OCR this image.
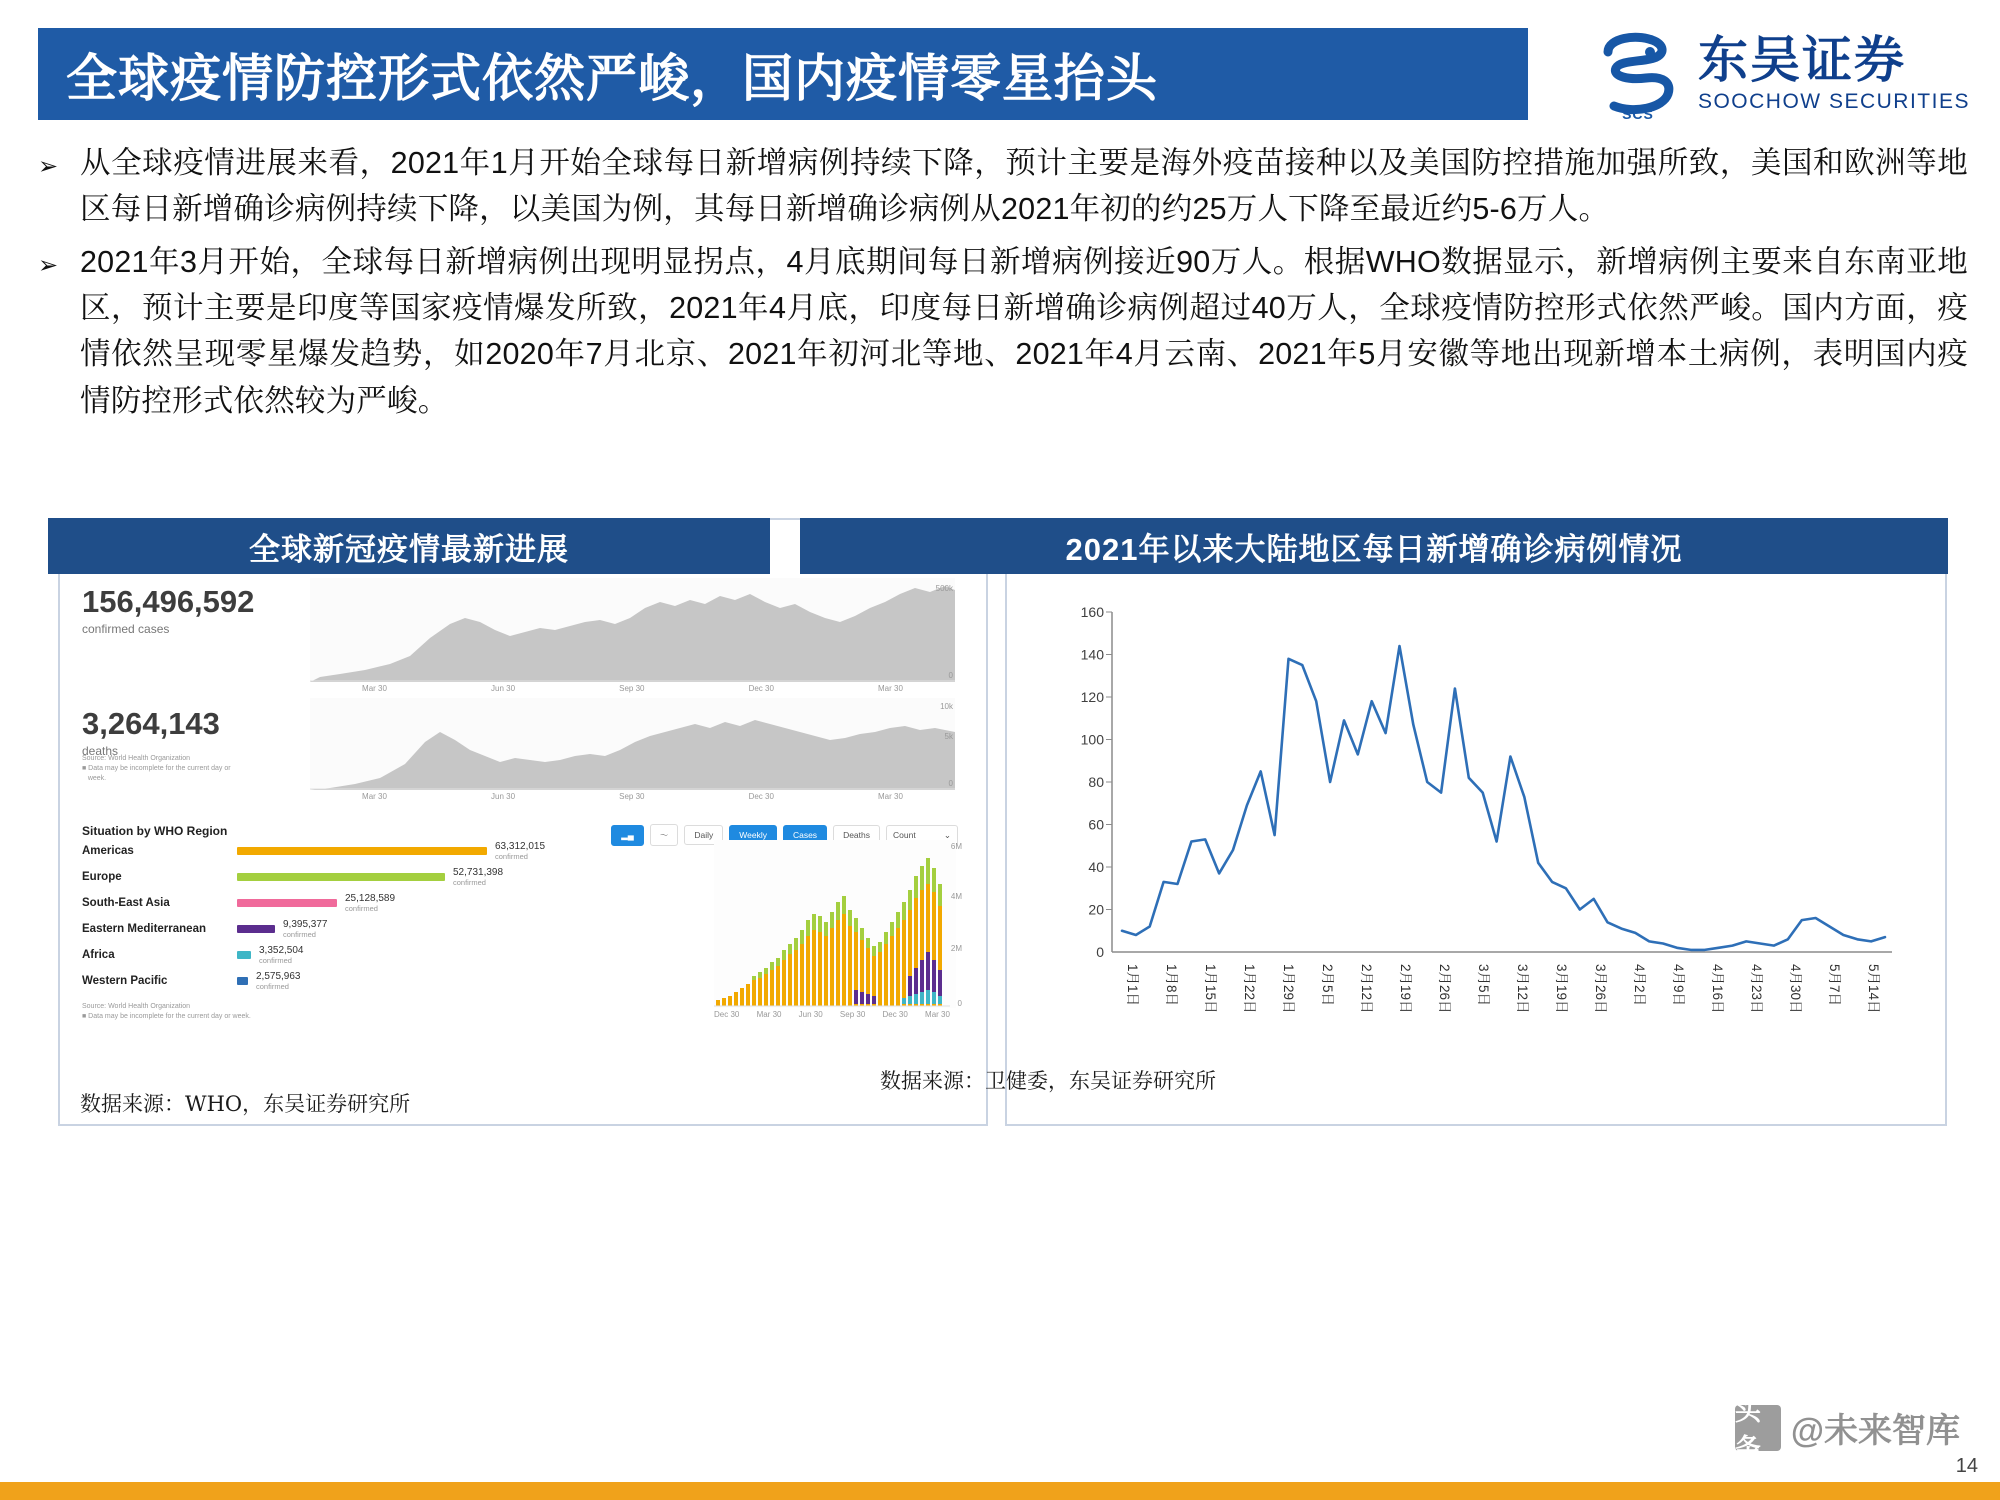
全球疫情防控形式依然严峻，国内疫情零星抬头
SCS
东吴证券
SOOCHOW SECURITIES
➢ 从全球疫情进展来看，2021年1月开始全球每日新增病例持续下降，预计主要是海外疫苗接种以及美国防控措施加强所致，美国和欧洲等地区每日新增确诊病例持续下降，以美国为例，其每日新增确诊病例从2021年初的约25万人下降至最近约5-6万人。
➢ 2021年3月开始，全球每日新增病例出现明显拐点，4月底期间每日新增病例接近90万人。根据WHO数据显示，新增病例主要来自东南亚地区，预计主要是印度等国家疫情爆发所致，2021年4月底，印度每日新增确诊病例超过40万人，全球疫情防控形式依然严峻。国内方面，疫情依然呈现零星爆发趋势，如2020年7月北京、2021年初河北等地、2021年4月云南、2021年5月安徽等地出现新增本土病例，表明国内疫情防控形式依然较为严峻。
全球新冠疫情最新进展
156,496,592
confirmed cases
500k
0
Mar 30	Jun 30	Sep 30	Dec 30	Mar 30
3,264,143
deaths
Source: World Health Organization
■ Data may be incomplete for the current day or
week.
10k
5k
0
Mar 30	Jun 30	Sep 30	Dec 30	Mar 30
Situation by WHO Region	▂▄	〜	Daily	Weekly	Cases	Deaths	Count	⌄
Americas	63,312,015
confirmed
Europe	52,731,398
confirmed
South-East Asia	25,128,589
confirmed
Eastern Mediterranean	9,395,377
confirmed
Africa	3,352,504
confirmed
Western Pacific	2,575,963
confirmed
Source: World Health Organization
■ Data may be incomplete for the current day or week.
6M
4M
2M
0
Dec 30 Mar 30 Jun 30 Sep 30 Dec 30 Mar 30
数据来源：WHO，东吴证券研究所
2021年以来大陆地区每日新增确诊病例情况
160
140
120
100
80
60
40
20
0
1月1日 1月8日 1月15日 1月22日 1月29日 2月5日 2月12日 2月19日 2月26日 3月5日 3月12日 3月19日 3月26日 4月2日 4月9日 4月16日 4月23日 4月30日 5月7日 5月14日
数据来源：卫健委，东吴证券研究所
头条 @未来智库
14
